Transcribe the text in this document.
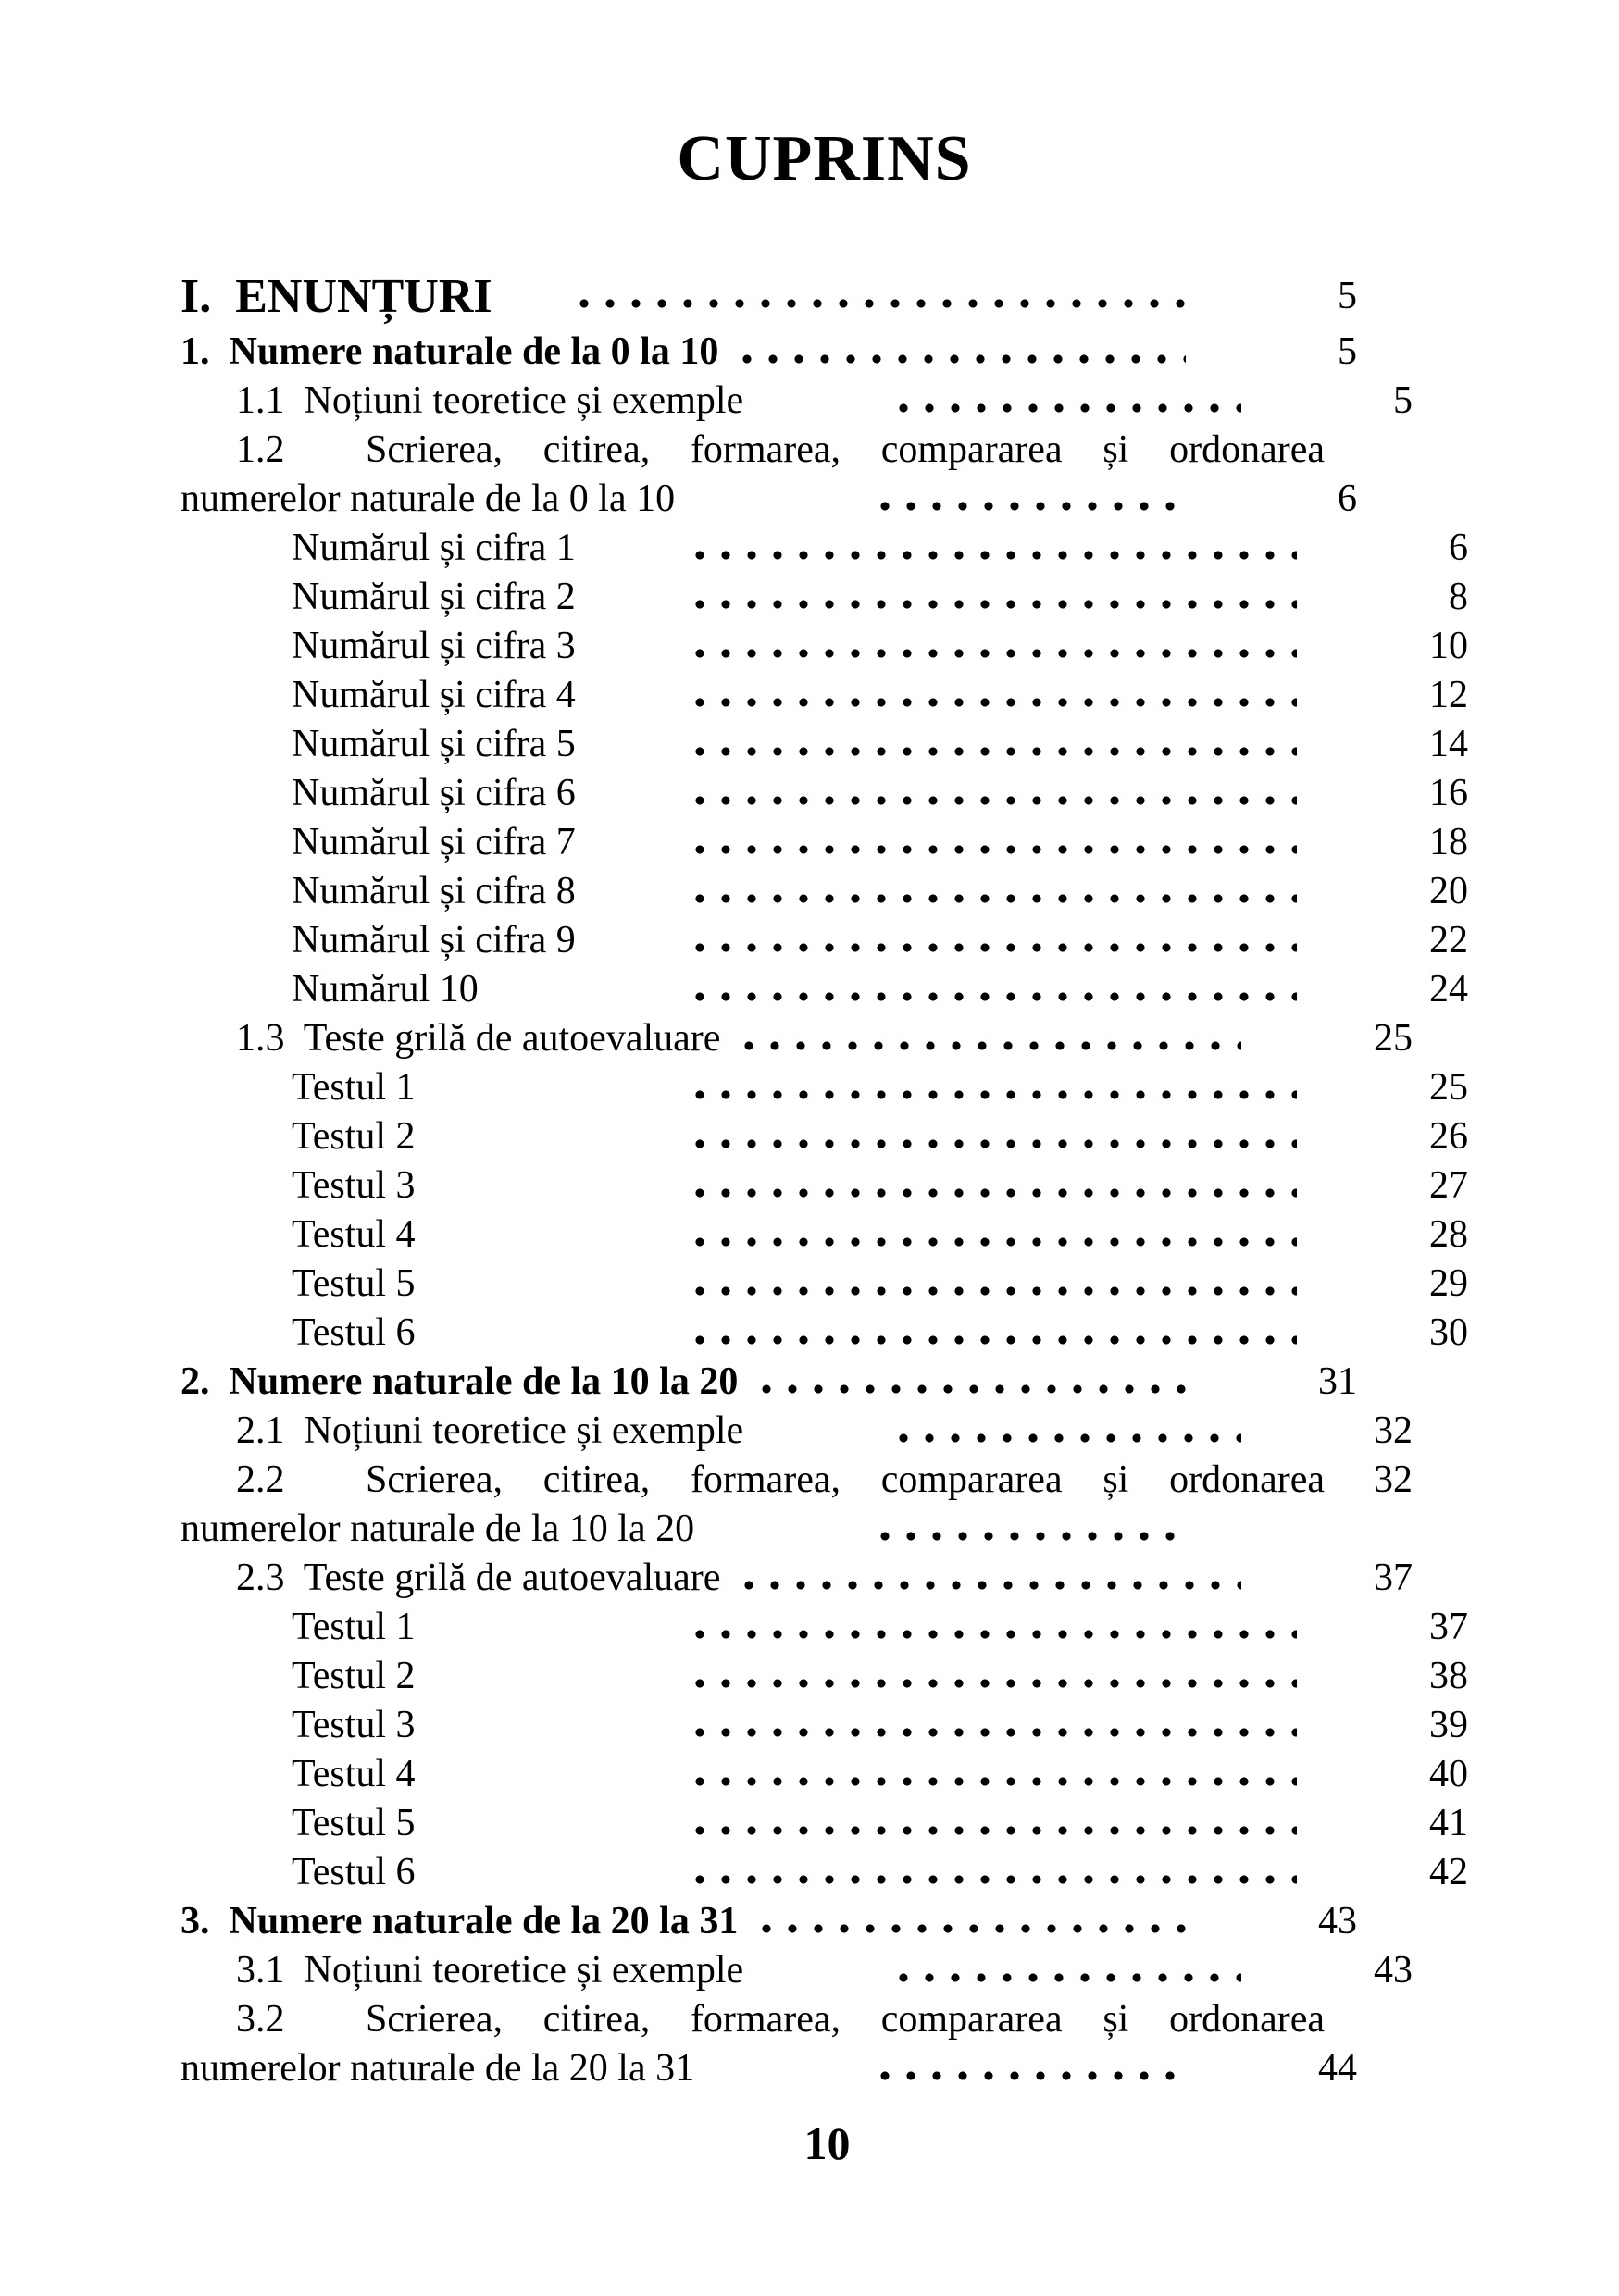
CUPRINS
I.  ENUNȚURI	5
1.  Numere naturale de la 0 la 10	5
1.1  Noțiuni teoretice și exemple	5
1.2  Scrierea, citirea, formarea, compararea și ordonarea
numerelor naturale de la 0 la 10	6
Numărul și cifra 1	6
Numărul și cifra 2	8
Numărul și cifra 3	10
Numărul și cifra 4	12
Numărul și cifra 5	14
Numărul și cifra 6	16
Numărul și cifra 7	18
Numărul și cifra 8	20
Numărul și cifra 9	22
Numărul 10	24
1.3  Teste grilă de autoevaluare	25
Testul 1	25
Testul 2	26
Testul 3	27
Testul 4	28
Testul 5	29
Testul 6	30
2.  Numere naturale de la 10 la 20	31
2.1  Noțiuni teoretice și exemple	32
2.2  Scrierea, citirea, formarea, compararea și ordonarea	32
numerelor naturale de la 10 la 20
2.3  Teste grilă de autoevaluare	37
Testul 1	37
Testul 2	38
Testul 3	39
Testul 4	40
Testul 5	41
Testul 6	42
3.  Numere naturale de la 20 la 31	43
3.1  Noțiuni teoretice și exemple	43
3.2  Scrierea, citirea, formarea, compararea și ordonarea
numerelor naturale de la 20 la 31	44
10
